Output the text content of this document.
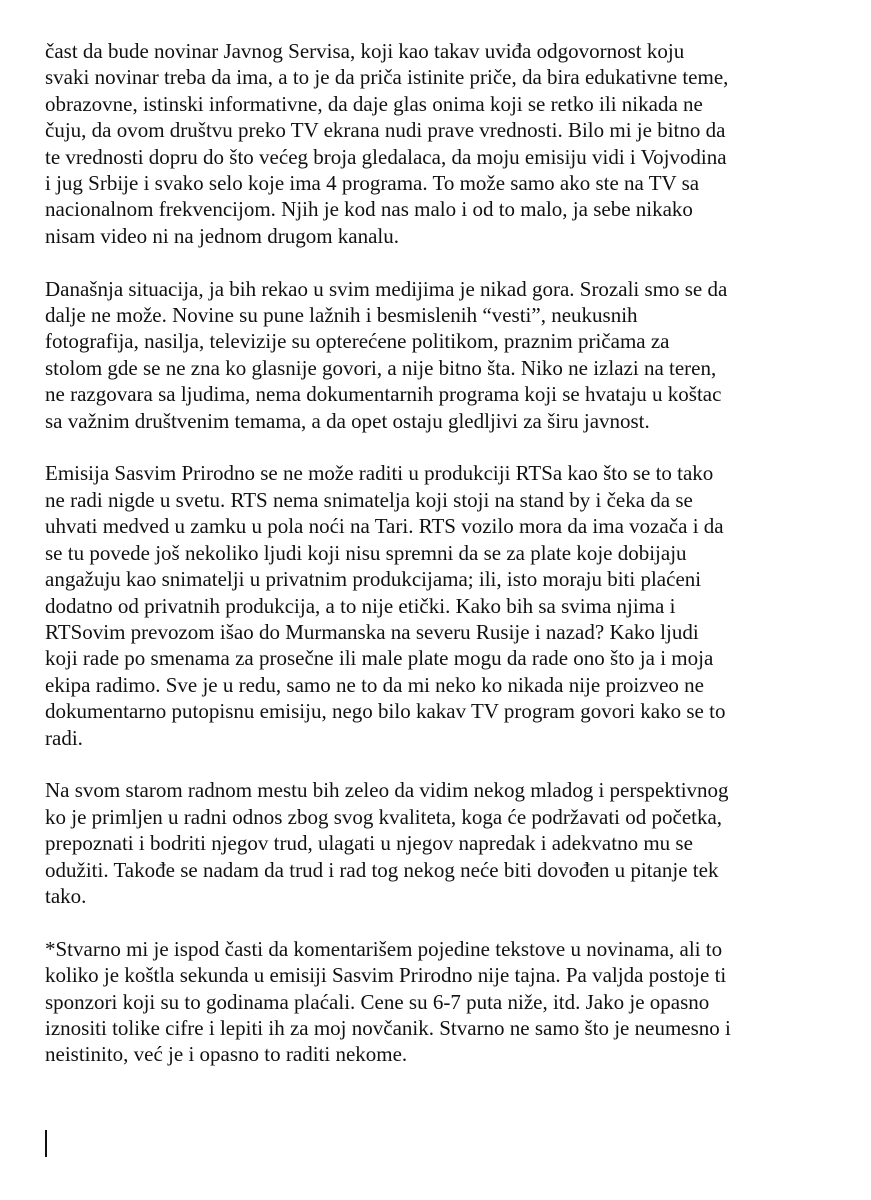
čast da bude novinar Javnog Servisa, koji kao takav uviđa odgovornost koju
svaki novinar treba da ima, a to je da priča istinite priče, da bira edukativne teme,
obrazovne, istinski informativne, da daje glas onima koji se retko ili nikada ne
čuju, da ovom društvu preko TV ekrana nudi prave vrednosti. Bilo mi je bitno da
te vrednosti dopru do što većeg broja gledalaca, da moju emisiju vidi i Vojvodina
i jug Srbije i svako selo koje ima 4 programa. To može samo ako ste na TV sa
nacionalnom frekvencijom. Njih je kod nas malo i od to malo, ja sebe nikako
nisam video ni na jednom drugom kanalu.

Današnja situacija, ja bih rekao u svim medijima je nikad gora. Srozali smo se da
dalje ne može. Novine su pune lažnih i besmislenih “vesti”, neukusnih
fotografija, nasilja, televizije su opterećene politikom, praznim pričama za
stolom gde se ne zna ko glasnije govori, a nije bitno šta. Niko ne izlazi na teren,
ne razgovara sa ljudima, nema dokumentarnih programa koji se hvataju u koštac
sa važnim društvenim temama, a da opet ostaju gledljivi za širu javnost.

Emisija Sasvim Prirodno se ne može raditi u produkciji RTSa kao što se to tako
ne radi nigde u svetu. RTS nema snimatelja koji stoji na stand by i čeka da se
uhvati medved u zamku u pola noći na Tari. RTS vozilo mora da ima vozača i da
se tu povede još nekoliko ljudi koji nisu spremni da se za plate koje dobijaju
angažuju kao snimatelji u privatnim produkcijama; ili, isto moraju biti plaćeni
dodatno od privatnih produkcija, a to nije etički. Kako bih sa svima njima i
RTSovim prevozom išao do Murmanska na severu Rusije i nazad? Kako ljudi
koji rade po smenama za prosečne ili male plate mogu da rade ono što ja i moja
ekipa radimo. Sve je u redu, samo ne to da mi neko ko nikada nije proizveo ne
dokumentarno putopisnu emisiju, nego bilo kakav TV program govori kako se to
radi.

Na svom starom radnom mestu bih zeleo da vidim nekog mladog i perspektivnog
ko je primljen u radni odnos zbog svog kvaliteta, koga će podržavati od početka,
prepoznati i bodriti njegov trud, ulagati u njegov napredak i adekvatno mu se
odužiti. Takođe se nadam da trud i rad tog nekog neće biti dovođen u pitanje tek
tako.

*Stvarno mi je ispod časti da komentarišem pojedine tekstove u novinama, ali to
koliko je koštla sekunda u emisiji Sasvim Prirodno nije tajna. Pa valjda postoje ti
sponzori koji su to godinama plaćali. Cene su 6-7 puta niže, itd. Jako je opasno
iznositi tolike cifre i lepiti ih za moj novčanik. Stvarno ne samo što je neumesno i
neistinito, već je i opasno to raditi nekome.
